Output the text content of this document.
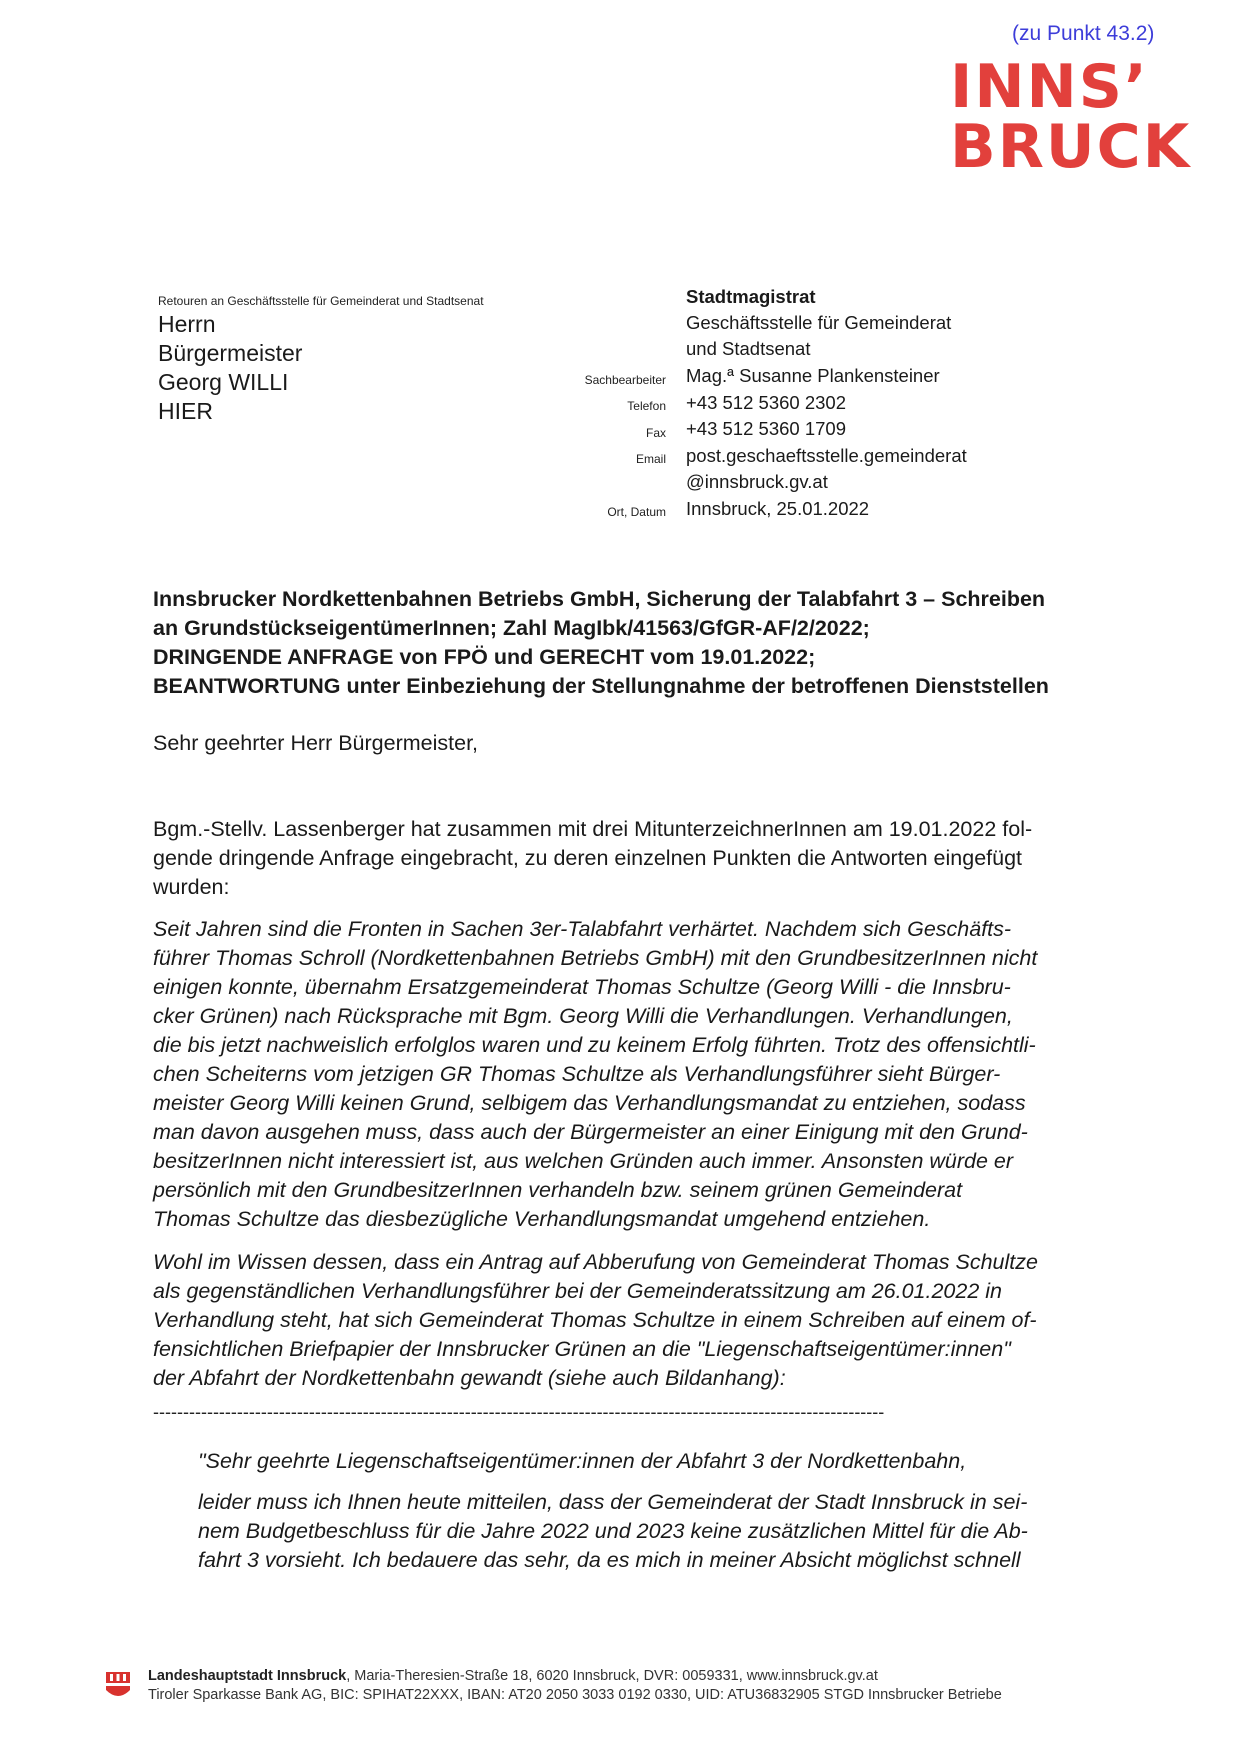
(zu Punkt 43.2)
INNS’
BRUCK
Retouren an Geschäftsstelle für Gemeinderat und Stadtsenat
Herrn
Bürgermeister
Georg WILLI
HIER
Stadtmagistrat
Geschäftsstelle für Gemeinderat
und Stadtsenat
Sachbearbeiter Mag.ª Susanne Plankensteiner
Telefon +43 512 5360 2302
Fax +43 512 5360 1709
Email post.geschaeftsstelle.gemeinderat
@innsbruck.gv.at
Ort, Datum Innsbruck, 25.01.2022
Innsbrucker Nordkettenbahnen Betriebs GmbH, Sicherung der Talabfahrt 3 – Schreiben
an GrundstückseigentümerInnen; Zahl MagIbk/41563/GfGR-AF/2/2022;
DRINGENDE ANFRAGE von FPÖ und GERECHT vom 19.01.2022;
BEANTWORTUNG unter Einbeziehung der Stellungnahme der betroffenen Dienststellen
Sehr geehrter Herr Bürgermeister,
Bgm.-Stellv. Lassenberger hat zusammen mit drei MitunterzeichnerInnen am 19.01.2022 fol-
gende dringende Anfrage eingebracht, zu deren einzelnen Punkten die Antworten eingefügt
wurden:
Seit Jahren sind die Fronten in Sachen 3er-Talabfahrt verhärtet. Nachdem sich Geschäfts-
führer Thomas Schroll (Nordkettenbahnen Betriebs GmbH) mit den GrundbesitzerInnen nicht
einigen konnte, übernahm Ersatzgemeinderat Thomas Schultze (Georg Willi - die Innsbru-
cker Grünen) nach Rücksprache mit Bgm. Georg Willi die Verhandlungen. Verhandlungen,
die bis jetzt nachweislich erfolglos waren und zu keinem Erfolg führten. Trotz des offensichtli-
chen Scheiterns vom jetzigen GR Thomas Schultze als Verhandlungsführer sieht Bürger-
meister Georg Willi keinen Grund, selbigem das Verhandlungsmandat zu entziehen, sodass
man davon ausgehen muss, dass auch der Bürgermeister an einer Einigung mit den Grund-
besitzerInnen nicht interessiert ist, aus welchen Gründen auch immer. Ansonsten würde er
persönlich mit den GrundbesitzerInnen verhandeln bzw. seinem grünen Gemeinderat
Thomas Schultze das diesbezügliche Verhandlungsmandat umgehend entziehen.
Wohl im Wissen dessen, dass ein Antrag auf Abberufung von Gemeinderat Thomas Schultze
als gegenständlichen Verhandlungsführer bei der Gemeinderatssitzung am 26.01.2022 in
Verhandlung steht, hat sich Gemeinderat Thomas Schultze in einem Schreiben auf einem of-
fensichtlichen Briefpapier der Innsbrucker Grünen an die "Liegenschaftseigentümer:innen"
der Abfahrt der Nordkettenbahn gewandt (siehe auch Bildanhang):
--------------------------------------------------------------------------------------------------------------------------
"Sehr geehrte Liegenschaftseigentümer:innen der Abfahrt 3 der Nordkettenbahn,
leider muss ich Ihnen heute mitteilen, dass der Gemeinderat der Stadt Innsbruck in sei-
nem Budgetbeschluss für die Jahre 2022 und 2023 keine zusätzlichen Mittel für die Ab-
fahrt 3 vorsieht. Ich bedauere das sehr, da es mich in meiner Absicht möglichst schnell
Landeshauptstadt Innsbruck, Maria-Theresien-Straße 18, 6020 Innsbruck, DVR: 0059331, www.innsbruck.gv.at
Tiroler Sparkasse Bank AG, BIC: SPIHAT22XXX, IBAN: AT20 2050 3033 0192 0330, UID: ATU36832905 STGD Innsbrucker Betriebe
